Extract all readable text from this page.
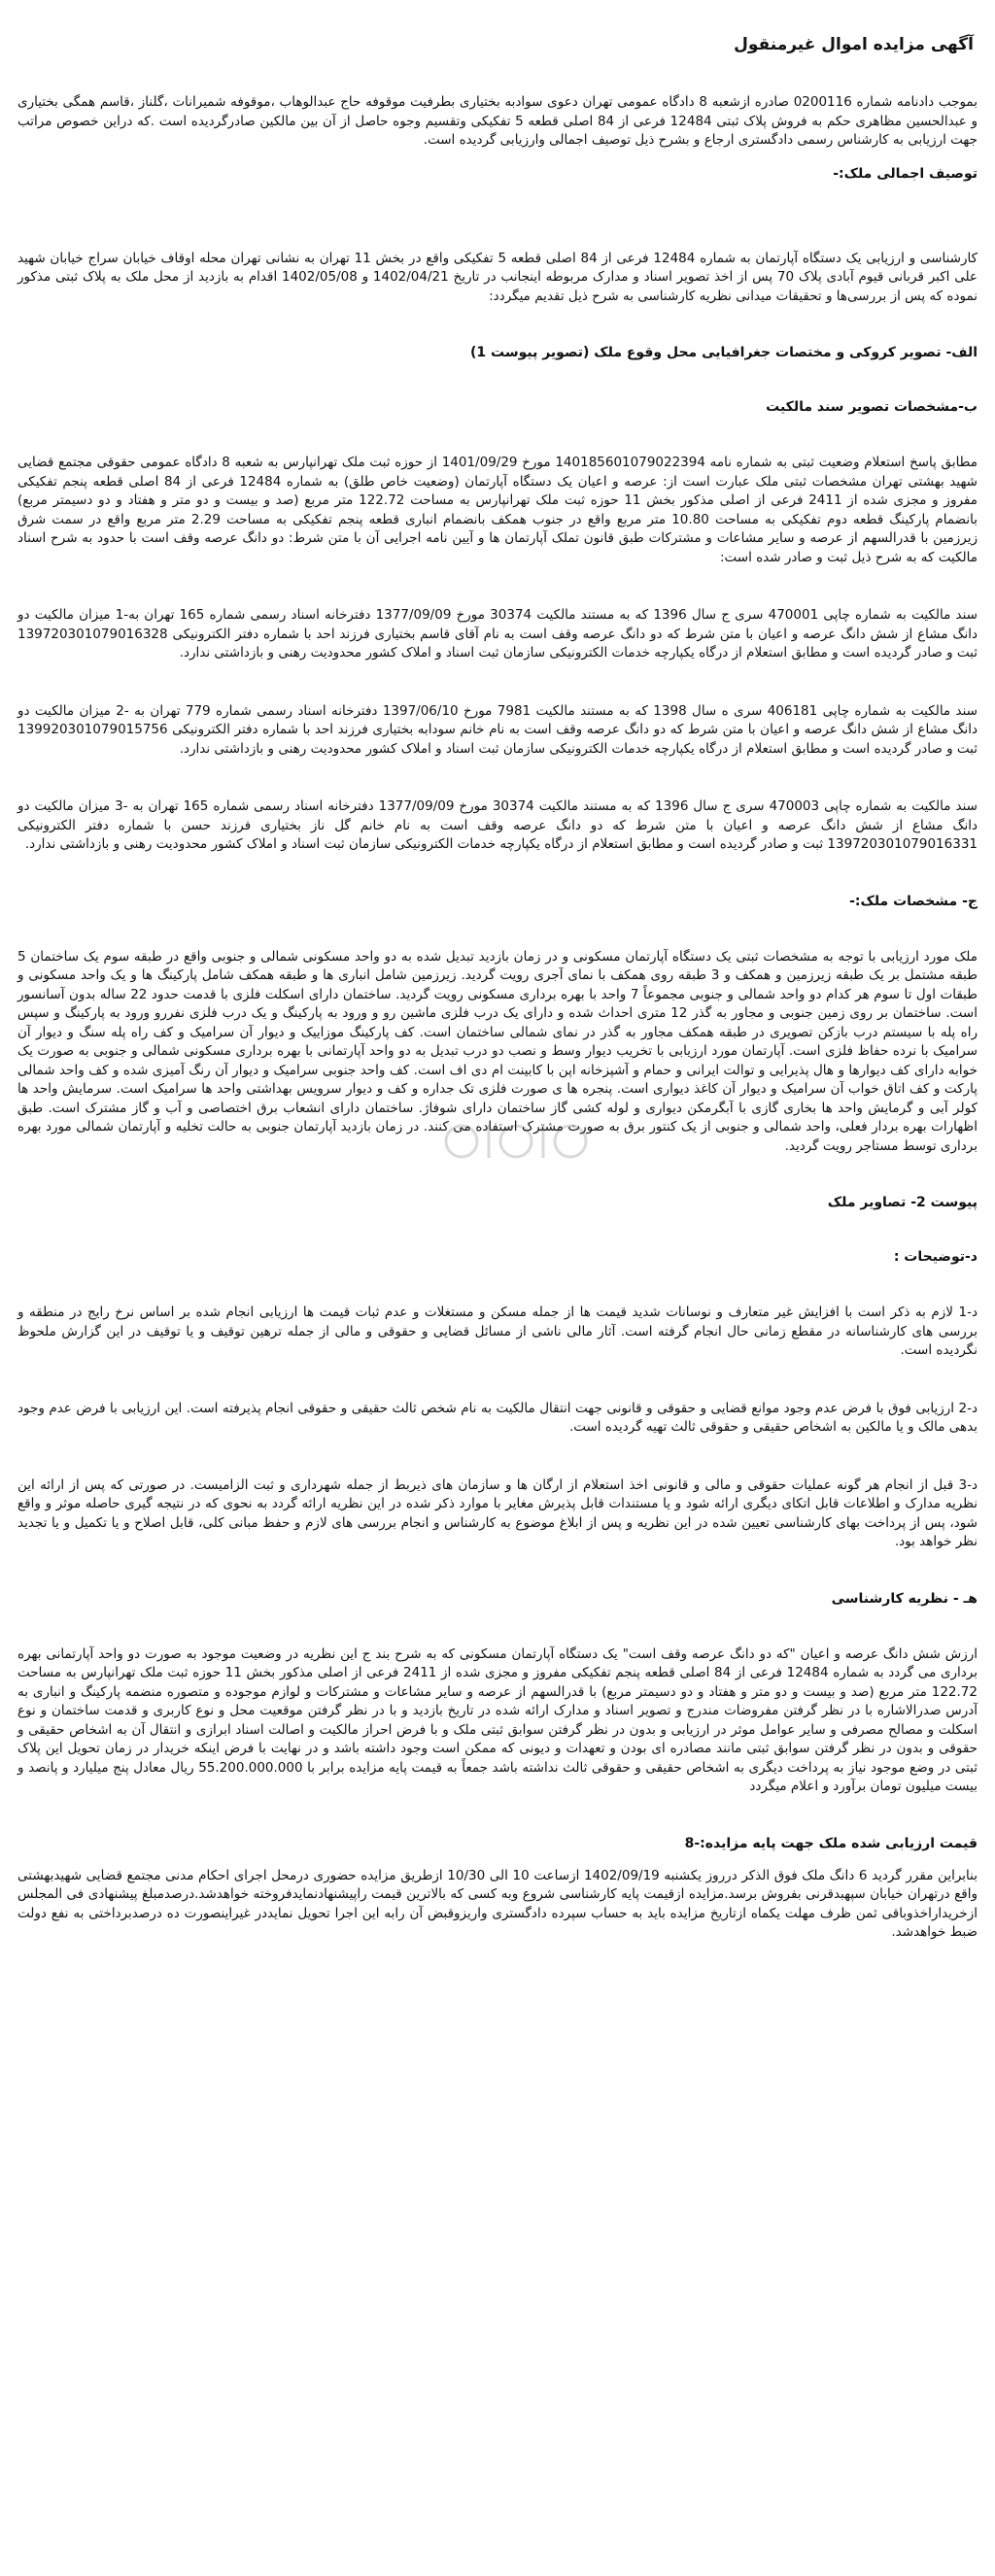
آگهی مزایده اموال غیرمنقول

بموجب دادنامه شماره 0200116 صادره ازشعبه 8 دادگاه عمومی تهران دعوی سوادبه بختیاری بطرفیت موقوفه حاج عبدالوهاب ،موقوفه شمیرانات ،گلناز ،قاسم همگی بختیاری و عبدالحسین مظاهری حکم به فروش پلاک ثبتی 12484 فرعی از 84 اصلی قطعه 5 تفکیکی وتقسیم وجوه حاصل از آن بین مالکین صادرگردیده است .که دراین خصوص مراتب جهت ارزیابی به کارشناس رسمی دادگستری ارجاع و بشرح ذیل توصیف اجمالی وارزیابی گردیده است.

توصیف اجمالی ملک:-

کارشناسی و ارزیابی یک دستگاه آپارتمان به شماره 12484 فرعی از 84 اصلی قطعه 5 تفکیکی واقع در بخش 11 تهران به نشانی تهران محله اوقاف خیابان سراج خیابان شهید علی اکبر قربانی قیوم آبادی پلاک 70 پس از اخذ تصویر اسناد و مدارک مربوطه اینجانب در تاریخ 1402/04/21 و 1402/05/08 اقدام به بازدید از محل ملک به پلاک ثبتی مذکور نموده که پس از بررسی‌ها و تحقیقات میدانی نظریه کارشناسی به شرح ذیل تقدیم میگردد:

الف- تصویر کروکی و مختصات جغرافیایی محل وقوع ملک (تصویر پیوست 1)

ب-مشخصات تصویر سند مالکیت

مطابق پاسخ استعلام وضعیت ثبتی به شماره نامه 140185601079022394 مورخ 1401/09/29 از حوزه ثبت ملک تهرانپارس به شعبه 8 دادگاه عمومی حقوقی مجتمع قضایی شهید بهشتی تهران مشخصات ثبتی ملک عبارت است از: عرصه و اعیان یک دستگاه آپارتمان (وضعیت خاص طلق) به شماره 12484 فرعی از 84 اصلی قطعه پنجم تفکیکی مفروز و مجزی شده از 2411 فرعی از اصلی مذکور بخش 11 حوزه ثبت ملک تهرانپارس به مساحت 122.72 متر مربع (صد و بیست و دو متر و هفتاد و دو دسیمتر مربع) بانضمام پارکینگ قطعه دوم تفکیکی به مساحت 10.80 متر مربع واقع در جنوب همکف بانضمام انباری قطعه پنجم تفکیکی به مساحت 2.29 متر مربع واقع در سمت شرق زیرزمین با قدرالسهم از عرصه و سایر مشاعات و مشترکات طبق قانون تملک آپارتمان ها و آیین نامه اجرایی آن با متن شرط: دو دانگ عرصه وقف است با حدود به شرح اسناد مالکیت که به شرح ذیل ثبت و صادر شده است:

سند مالکیت به شماره چاپی 470001 سری ج سال 1396 که به مستند مالکیت 30374 مورخ 1377/09/09 دفترخانه اسناد رسمی شماره 165 تهران به-1 میزان مالکیت دو دانگ مشاع از شش دانگ عرصه و اعیان با متن شرط که دو دانگ عرصه وقف است به نام آقای قاسم بختیاری فرزند احد با شماره دفتر الکترونیکی 139720301079016328 ثبت و صادر گردیده است و مطابق استعلام از درگاه یکپارچه خدمات الکترونیکی سازمان ثبت اسناد و املاک کشور محدودیت رهنی و بازداشتی ندارد.

سند مالکیت به شماره چاپی 406181 سری ه سال 1398 که به مستند مالکیت 7981 مورخ 1397/06/10 دفترخانه اسناد رسمی شماره 779 تهران به -2 میزان مالکیت دو دانگ مشاع از شش دانگ عرصه و اعیان با متن شرط که دو دانگ عرصه وقف است به نام خانم سودابه بختیاری فرزند احد با شماره دفتر الکترونیکی 139920301079015756 ثبت و صادر گردیده است و مطابق استعلام از درگاه یکپارچه خدمات الکترونیکی سازمان ثبت اسناد و املاک کشور محدودیت رهنی و بازداشتی ندارد.

سند مالکیت به شماره چاپی 470003 سری ج سال 1396 که به مستند مالکیت 30374 مورخ 1377/09/09 دفترخانه اسناد رسمی شماره 165 تهران به -3 میزان مالکیت دو دانگ مشاع از شش دانگ عرصه و اعیان با متن شرط که دو دانگ عرصه وقف است به نام خانم گل ناز بختیاری فرزند حسن با شماره دفتر الکترونیکی 139720301079016331 ثبت و صادر گردیده است و مطابق استعلام از درگاه یکپارچه خدمات الکترونیکی سازمان ثبت اسناد و املاک کشور محدودیت رهنی و بازداشتی ندارد.

ج- مشخصات ملک:-

ملک مورد ارزیابی با توجه به مشخصات ثبتی یک دستگاه آپارتمان مسکونی و در زمان بازدید تبدیل شده به دو واحد مسکونی شمالی و جنوبی واقع در طبقه سوم یک ساختمان 5 طبقه مشتمل بر یک طبقه زیرزمین و همکف و 3 طبقه روی همکف با نمای آجری رویت گردید. زیرزمین شامل انباری ها و طبقه همکف شامل پارکینگ ها و یک واحد مسکونی و طبقات اول تا سوم هر کدام دو واحد شمالی و جنوبی مجموعاً 7 واحد با بهره برداری مسکونی رویت گردید. ساختمان دارای اسکلت فلزی با قدمت حدود 22 ساله بدون آسانسور است. ساختمان بر روی زمین جنوبی و مجاور به گذر 12 متری احداث شده و دارای یک درب فلزی ماشین رو و ورود به پارکینگ و یک درب فلزی نفررو ورود به پارکینگ و سپس راه پله با سیستم درب بازکن تصویری در طبقه همکف مجاور به گذر در نمای شمالی ساختمان است. کف پارکینگ موزاییک و دیوار آن سرامیک و کف راه پله سنگ و دیوار آن سرامیک با نرده حفاظ فلزی است. آپارتمان مورد ارزیابی با تخریب دیوار وسط و نصب دو درب تبدیل به دو واحد آپارتمانی با بهره برداری مسکونی شمالی و جنوبی به صورت یک خوابه دارای کف دیوارها و هال پذیرایی و توالت ایرانی و حمام و آشپزخانه اپن با کابینت ام دی اف است. کف واحد جنوبی سرامیک و دیوار آن رنگ آمیزی شده و کف واحد شمالی پارکت و کف اتاق خواب آن سرامیک و دیوار آن کاغذ دیواری است. پنجره ها ی صورت فلزی تک جداره و کف و دیوار سرویس بهداشتی واحد ها سرامیک است. سرمایش واحد ها کولر آبی و گرمایش واحد ها بخاری گازی با آبگرمکن دیواری و لوله کشی گاز ساختمان دارای شوفاژ. ساختمان دارای انشعاب برق اختصاصی و آب و گاز مشترک است. طبق اظهارات بهره بردار فعلی، واحد شمالی و جنوبی از یک کنتور برق به صورت مشترک استفاده می کنند. در زمان بازدید آپارتمان جنوبی به حالت تخلیه و آپارتمان شمالی مورد بهره برداری توسط مستاجر رویت گردید.

پیوست 2- تصاویر ملک

د-توضیحات :

د-1 لازم به ذکر است با افزایش غیر متعارف و نوسانات شدید قیمت ها از جمله مسکن و مستغلات و عدم ثبات قیمت ها ارزیابی انجام شده بر اساس نرخ رایج در منطقه و بررسی های کارشناسانه در مقطع زمانی حال انجام گرفته است. آثار مالی ناشی از مسائل قضایی و حقوقی و مالی از جمله ترهین توقیف و یا توقیف در این گزارش ملحوظ نگردیده است.

د-2 ارزیابی فوق با فرض عدم وجود موانع قضایی و حقوقی و قانونی جهت انتقال مالکیت به نام شخص ثالث حقیقی و حقوقی انجام پذیرفته است. این ارزیابی با فرض عدم وجود بدهی مالک و یا مالکین به اشخاص حقیقی و حقوقی ثالث تهیه گردیده است.

د-3 قبل از انجام هر گونه عملیات حقوقی و مالی و قانونی اخذ استعلام از ارگان ها و سازمان های ذیربط از جمله شهرداری و ثبت الزامیست. در صورتی که پس از ارائه این نظریه مدارک و اطلاعات قابل اتکای دیگری ارائه شود و یا مستندات قابل پذیرش مغایر با موارد ذکر شده در این نظریه ارائه گردد به نحوی که در نتیجه گیری حاصله موثر و واقع شود، پس از پرداخت بهای کارشناسی تعیین شده در این نظریه و پس از ابلاغ موضوع به کارشناس و انجام بررسی های لازم و حفظ مبانی کلی، قابل اصلاح و یا تکمیل و یا تجدید نظر خواهد بود.

هـ - نظریه کارشناسی

ارزش شش دانگ عرصه و اعیان "که دو دانگ عرصه وقف است" یک دستگاه آپارتمان مسکونی که به شرح بند ج این نظریه در وضعیت موجود به صورت دو واحد آپارتمانی بهره برداری می گردد به شماره 12484 فرعی از 84 اصلی قطعه پنجم تفکیکی مفروز و مجزی شده از 2411 فرعی از اصلی مذکور بخش 11 حوزه ثبت ملک تهرانپارس به مساحت 122.72 متر مربع (صد و بیست و دو متر و هفتاد و دو دسیمتر مربع) با قدرالسهم از عرصه و سایر مشاعات و مشترکات و لوازم موجوده و متصوره منضمه پارکینگ و انباری به آدرس صدرالاشاره با در نظر گرفتن مفروضات مندرج و تصویر اسناد و مدارک ارائه شده در تاریخ بازدید و با در نظر گرفتن موقعیت محل و نوع کاربری و قدمت ساختمان و نوع اسکلت و مصالح مصرفی و سایر عوامل موثر در ارزیابی و بدون در نظر گرفتن سوابق ثبتی ملک و با فرض احراز مالکیت و اصالت اسناد ابرازی و انتقال آن به اشخاص حقیقی و حقوقی و بدون در نظر گرفتن سوابق ثبتی مانند مصادره ای بودن و تعهدات و دیونی که ممکن است وجود داشته باشد و در نهایت با فرض اینکه خریدار در زمان تحویل این پلاک ثبتی در وضع موجود نیاز به پرداخت دیگری به اشخاص حقیقی و حقوقی ثالث نداشته باشد جمعاً به قیمت پایه مزایده برابر با 55.200.000.000 ریال معادل پنج میلیارد و پانصد و بیست میلیون تومان برآورد و اعلام میگردد

قیمت ارزیابی شده ملک جهت پایه مزایده:-8

بنابراین مقرر گردید 6 دانگ ملک فوق الذکر درروز یکشنبه 1402/09/19 ازساعت 10 الی 10/30 ازطریق مزایده حضوری درمحل اجرای احکام مدنی مجتمع قضایی شهیدبهشتی واقع درتهران خیابان سپهبدقرنی بفروش برسد.مزایده ازقیمت پایه کارشناسی شروع وبه کسی که بالاترین قیمت راپیشنهادنمایدفروخته خواهدشد.درصدمبلغ پیشنهادی فی المجلس ازخریداراخذوباقی ثمن ظرف مهلت یکماه ازتاریخ مزایده باید به حساب سپرده دادگستری واریزوقبض آن رابه این اجرا تحویل نمایددر غیراینصورت ده درصدبرداختی به نفع دولت ضبط خواهدشد.
